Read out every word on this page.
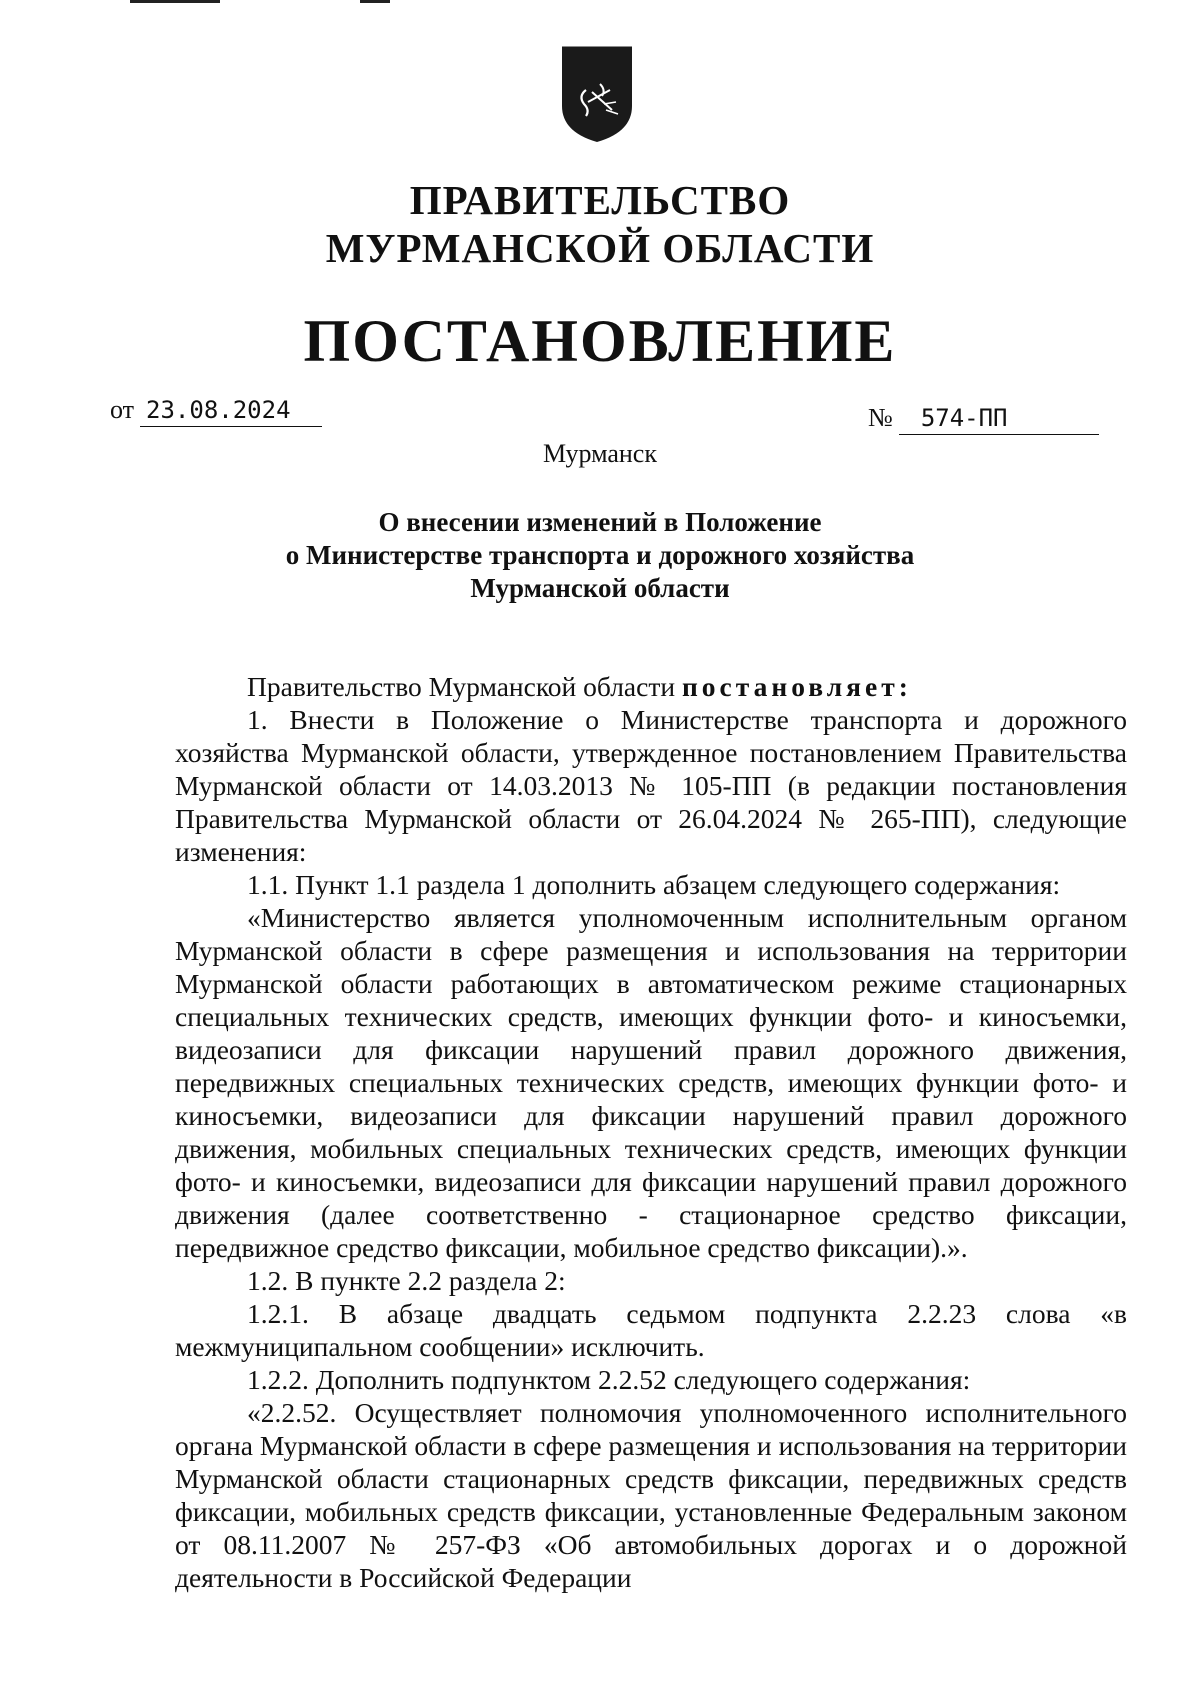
ПРАВИТЕЛЬСТВО
МУРМАНСКОЙ ОБЛАСТИ
ПОСТАНОВЛЕНИЕ
от 23.08.2024	№ 574-ПП
Мурманск
О внесении изменений в Положение
о Министерстве транспорта и дорожного хозяйства
Мурманской области

Правительство Мурманской области постановляет:

1. Внести в Положение о Министерстве транспорта и дорожного хозяйства Мурманской области, утвержденное постановлением Правительства Мурманской области от 14.03.2013 № 105-ПП (в редакции постановления Правительства Мурманской области от 26.04.2024 № 265-ПП), следующие изменения:

1.1. Пункт 1.1 раздела 1 дополнить абзацем следующего содержания:

«Министерство является уполномоченным исполнительным органом Мурманской области в сфере размещения и использования на территории Мурманской области работающих в автоматическом режиме стационарных специальных технических средств, имеющих функции фото- и киносъемки, видеозаписи для фиксации нарушений правил дорожного движения, передвижных специальных технических средств, имеющих функции фото- и киносъемки, видеозаписи для фиксации нарушений правил дорожного движения, мобильных специальных технических средств, имеющих функции фото- и киносъемки, видеозаписи для фиксации нарушений правил дорожного движения (далее соответственно - стационарное средство фиксации, передвижное средство фиксации, мобильное средство фиксации).».

1.2. В пункте 2.2 раздела 2:

1.2.1. В абзаце двадцать седьмом подпункта 2.2.23 слова «в межмуниципальном сообщении» исключить.

1.2.2. Дополнить подпунктом 2.2.52 следующего содержания:

«2.2.52. Осуществляет полномочия уполномоченного исполнительного органа Мурманской области в сфере размещения и использования на территории Мурманской области стационарных средств фиксации, передвижных средств фиксации, мобильных средств фиксации, установленные Федеральным законом от 08.11.2007 № 257-ФЗ «Об автомобильных дорогах и о дорожной деятельности в Российской Федерации
